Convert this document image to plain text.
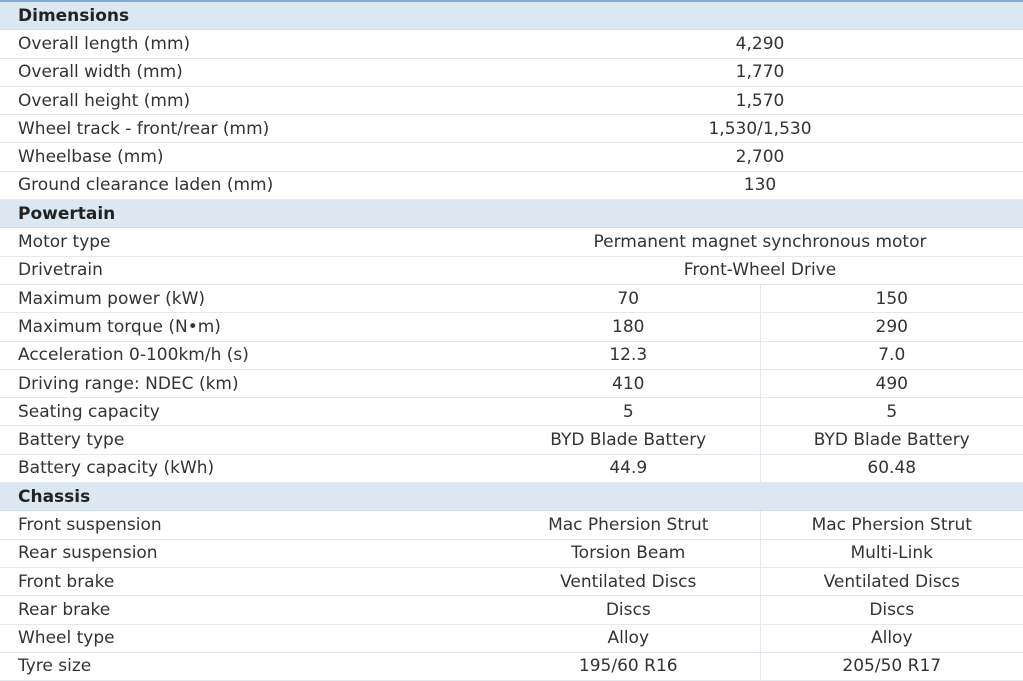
Dimensions
Overall length (mm)	4,290
Overall width (mm)	1,770
Overall height (mm)	1,570
Wheel track - front/rear (mm)	1,530/1,530
Wheelbase (mm)	2,700
Ground clearance laden (mm)	130
Powertain
Motor type	Permanent magnet synchronous motor
Drivetrain	Front-Wheel Drive
Maximum power (kW)	70	150
Maximum torque (N•m)	180	290
Acceleration 0-100km/h (s)	12.3	7.0
Driving range: NDEC (km)	410	490
Seating capacity	5	5
Battery type	BYD Blade Battery	BYD Blade Battery
Battery capacity (kWh)	44.9	60.48
Chassis
Front suspension	Mac Phersion Strut	Mac Phersion Strut
Rear suspension	Torsion Beam	Multi-Link
Front brake	Ventilated Discs	Ventilated Discs
Rear brake	Discs	Discs
Wheel type	Alloy	Alloy
Tyre size	195/60 R16	205/50 R17
